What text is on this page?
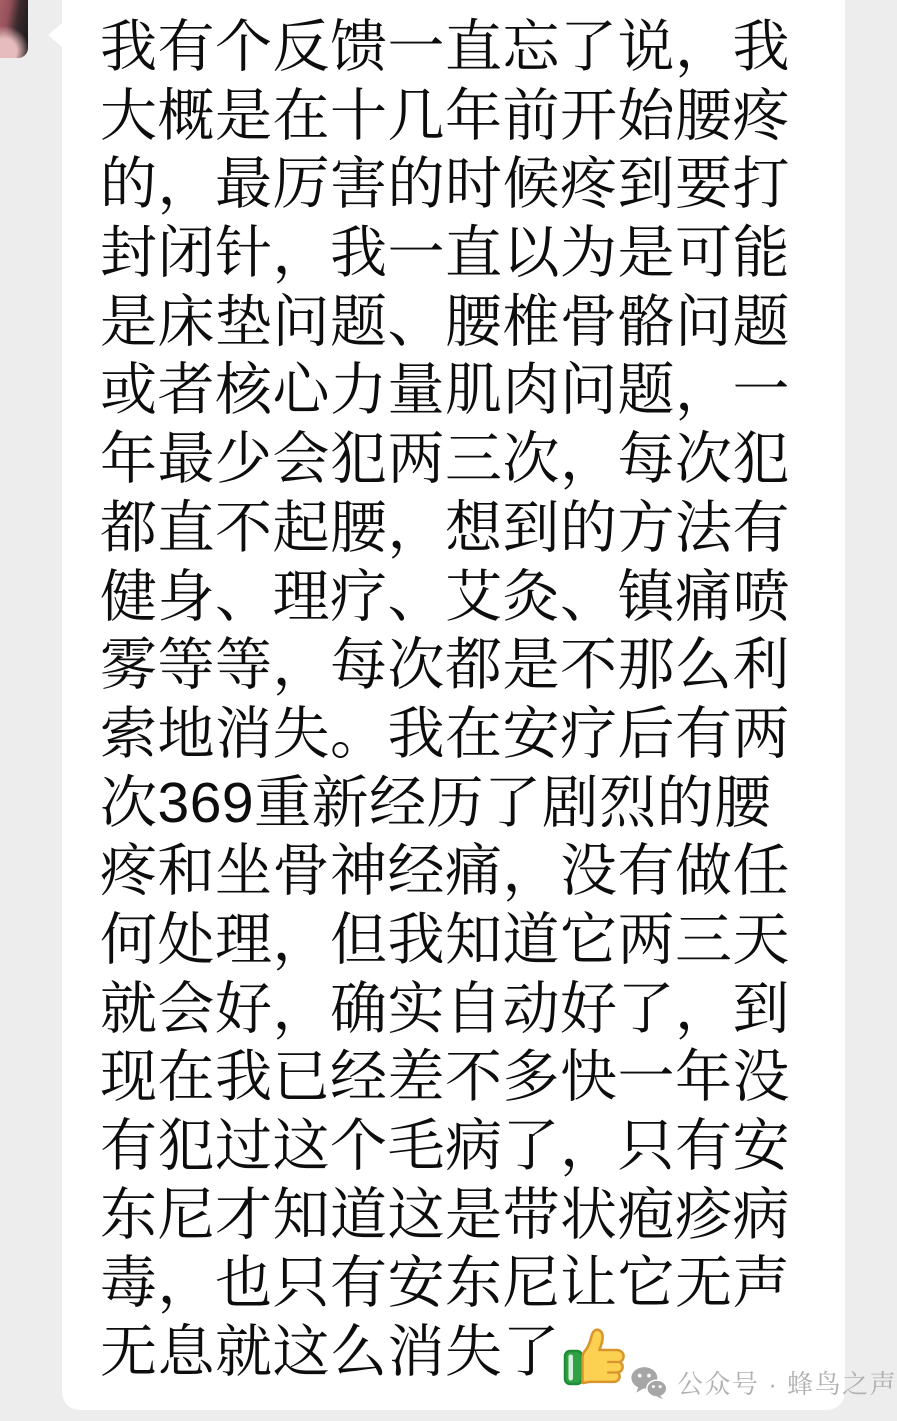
我有个反馈一直忘了说，我
大概是在十几年前开始腰疼
的，最厉害的时候疼到要打
封闭针，我一直以为是可能
是床垫问题、腰椎骨骼问题
或者核心力量肌肉问题，一
年最少会犯两三次，每次犯
都直不起腰，想到的方法有
健身、理疗、艾灸、镇痛喷
雾等等，每次都是不那么利
索地消失。我在安疗后有两
次369重新经历了剧烈的腰
疼和坐骨神经痛，没有做任
何处理，但我知道它两三天
就会好，确实自动好了，到
现在我已经差不多快一年没
有犯过这个毛病了，只有安
东尼才知道这是带状疱疹病
毒，也只有安东尼让它无声
无息就这么消失了	公众号 · 蜂鸟之声
